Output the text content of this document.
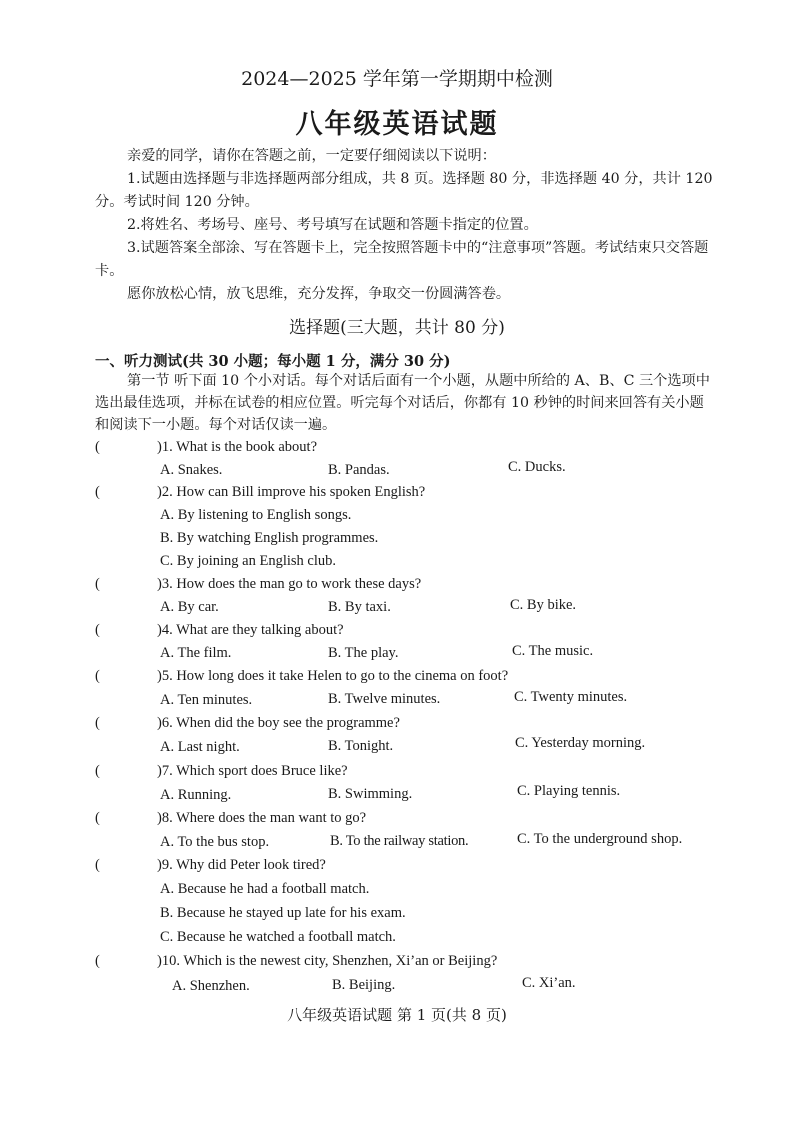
2024—2025 学年第一学期期中检测
八年级英语试题

亲爱的同学，请你在答题之前，一定要仔细阅读以下说明：

1.试题由选择题与非选择题两部分组成，共 8 页。选择题 80 分，非选择题 40 分，共计 120 分。考试时间 120 分钟。

2.将姓名、考场号、座号、考号填写在试题和答题卡指定的位置。

3.试题答案全部涂、写在答题卡上，完全按照答题卡中的“注意事项”答题。考试结束只交答题卡。

愿你放松心情，放飞思维，充分发挥，争取交一份圆满答卷。

选择题(三大题，共计 80 分)
一、听力测试(共 30 小题；每小题 1 分，满分 30 分)

第一节 听下面 10 个小对话。每个对话后面有一个小题，从题中所给的 A、B、C 三个选项中选出最佳选项，并标在试卷的相应位置。听完每个对话后，你都有 10 秒钟的时间来回答有关小题和阅读下一小题。每个对话仅读一遍。

(	)1. What is the book about?
A. Snakes.	B. Pandas.	C. Ducks.
(	)2. How can Bill improve his spoken English?
A. By listening to English songs.
B. By watching English programmes.
C. By joining an English club.
(	)3. How does the man go to work these days?
A. By car.	B. By taxi.	C. By bike.
(	)4. What are they talking about?
A. The film.	B. The play.	C. The music.
(	)5. How long does it take Helen to go to the cinema on foot?
A. Ten minutes.	B. Twelve minutes.	C. Twenty minutes.
(	)6. When did the boy see the programme?
A. Last night.	B. Tonight.	C. Yesterday morning.
(	)7. Which sport does Bruce like?
A. Running.	B. Swimming.	C. Playing tennis.
(	)8. Where does the man want to go?
A. To the bus stop.	B. To the railway station.	C. To the underground shop.
(	)9. Why did Peter look tired?
A. Because he had a football match.
B. Because he stayed up late for his exam.
C. Because he watched a football match.
(	)10. Which is the newest city, Shenzhen, Xi’an or Beijing?
A. Shenzhen.	B. Beijing.	C. Xi’an.
八年级英语试题 第 1 页(共 8 页)
